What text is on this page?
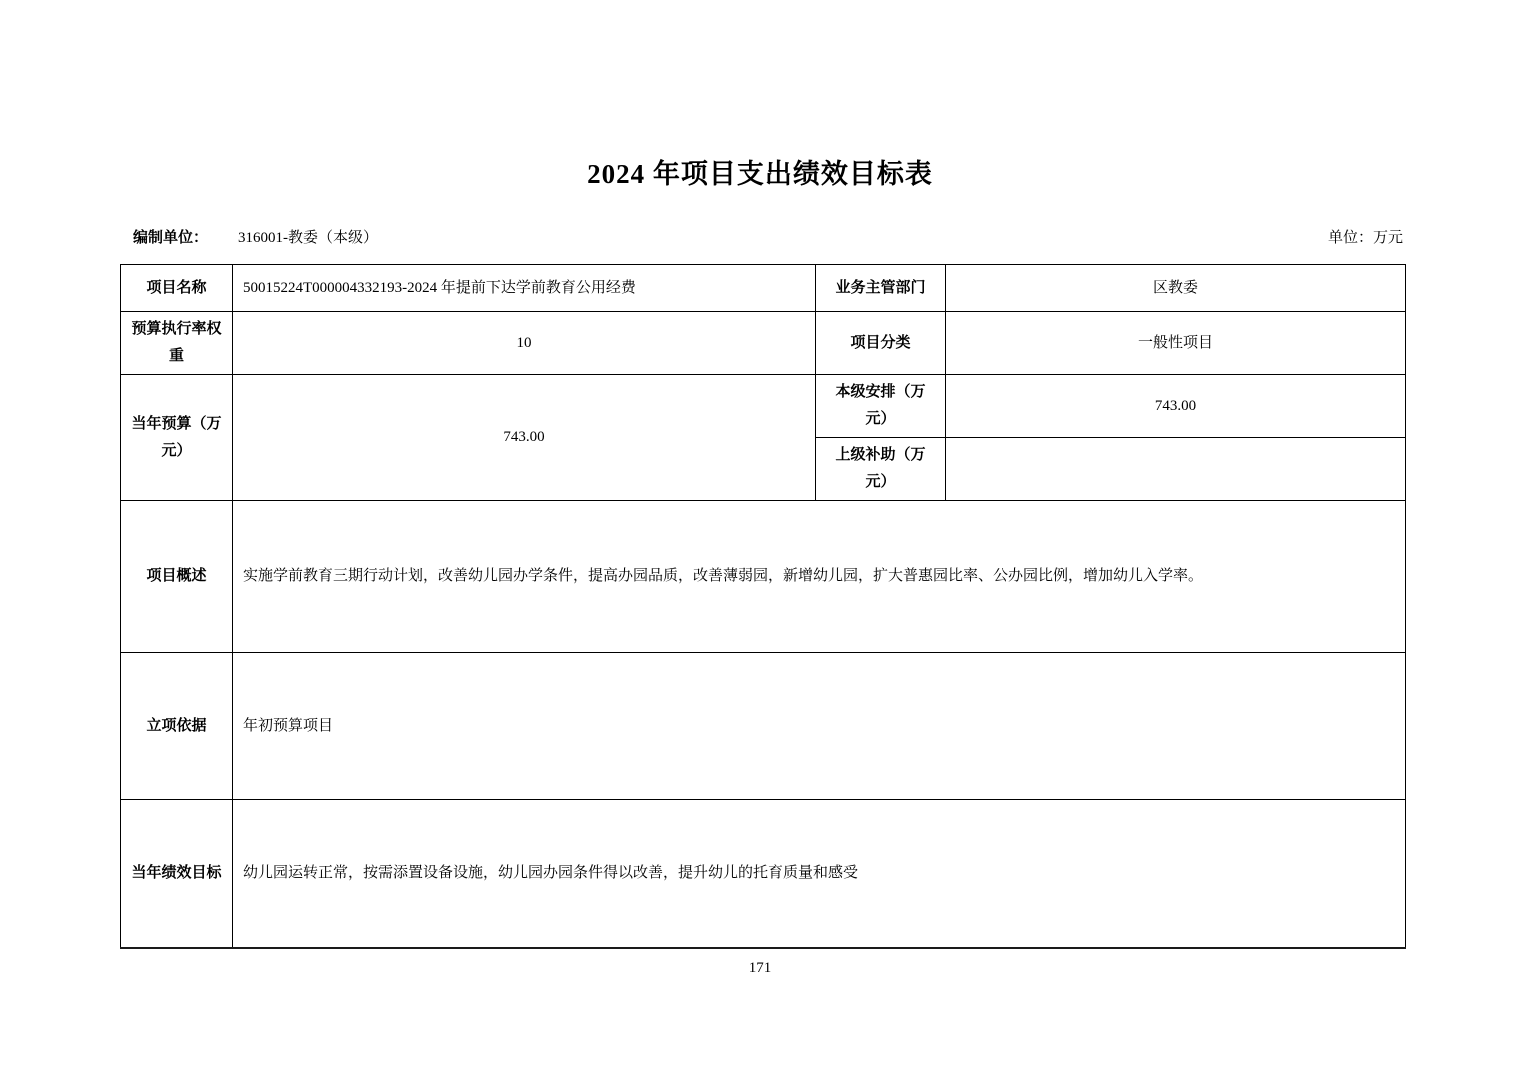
2024 年项目支出绩效目标表
编制单位： 316001-教委（本级）	单位：万元
项目名称	50015224T000004332193-2024 年提前下达学前教育公用经费	业务主管部门	区教委
预算执行率权重	10	项目分类	一般性项目
当年预算（万元）	743.00	本级安排（万元）	743.00
		上级补助（万元）	
项目概述	实施学前教育三期行动计划，改善幼儿园办学条件，提高办园品质，改善薄弱园，新增幼儿园，扩大普惠园比率、公办园比例，增加幼儿入学率。		
立项依据	年初预算项目		
当年绩效目标	幼儿园运转正常，按需添置设备设施，幼儿园办园条件得以改善，提升幼儿的托育质量和感受		
171
